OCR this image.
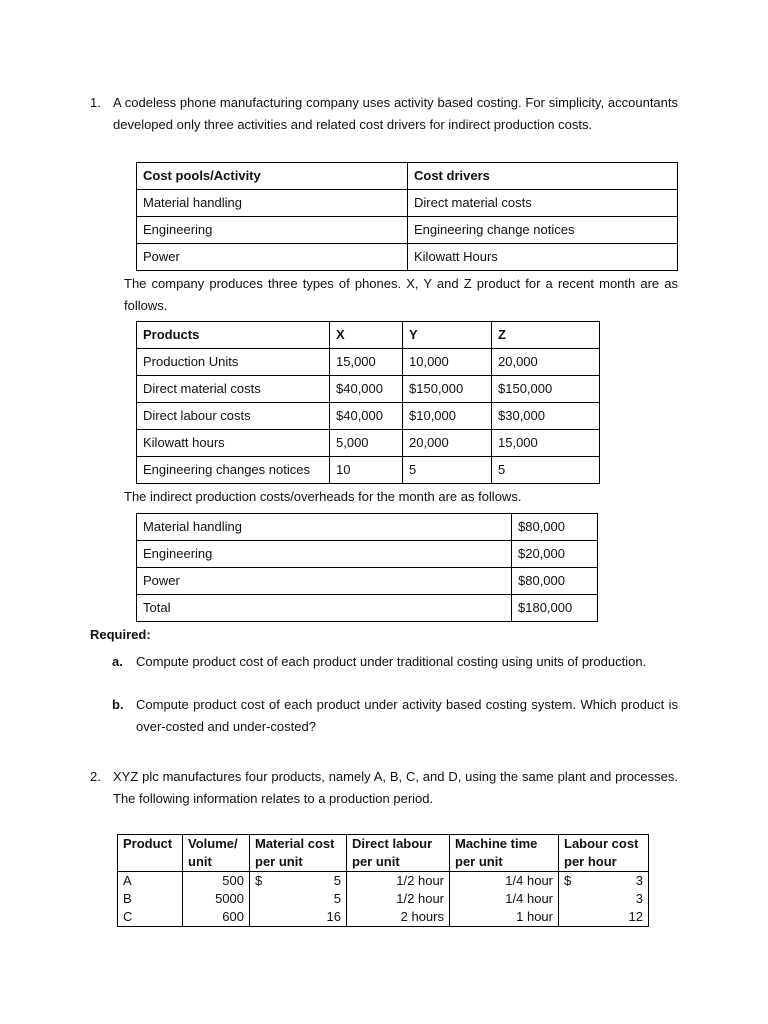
1. A codeless phone manufacturing company uses activity based costing. For simplicity, accountants developed only three activities and related cost drivers for indirect production costs.
Cost pools/Activity	Cost drivers
Material handling	Direct material costs
Engineering	Engineering change notices
Power	Kilowatt Hours
The company produces three types of phones. X, Y and Z product for a recent month are as follows.
Products	X	Y	Z
Production Units	15,000	10,000	20,000
Direct material costs	$40,000	$150,000	$150,000
Direct labour costs	$40,000	$10,000	$30,000
Kilowatt hours	5,000	20,000	15,000
Engineering changes notices	10	5	5
The indirect production costs/overheads for the month are as follows.
Material handling	$80,000
Engineering	$20,000
Power	$80,000
Total	$180,000
Required:
a. Compute product cost of each product under traditional costing using units of production.
b. Compute product cost of each product under activity based costing system. Which product is over-costed and under-costed?
2. XYZ plc manufactures four products, namely A, B, C, and D, using the same plant and processes. The following information relates to a production period.
Product	Volume/ unit	Material cost per unit	Direct labour per unit	Machine time per unit	Labour cost per hour
A	500	$ 5	1/2 hour	1/4 hour	$ 3

B	5000	5	1/2 hour	1/4 hour	3
C	600	16	2 hours	1 hour	12
